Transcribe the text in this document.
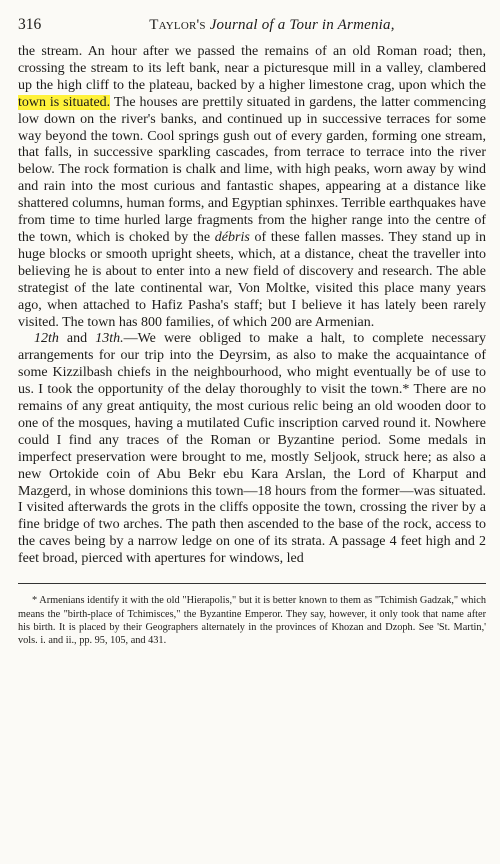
316	Taylor's Journal of a Tour in Armenia,

the stream. An hour after we passed the remains of an old Roman road; then, crossing the stream to its left bank, near a picturesque mill in a valley, clambered up the high cliff to the plateau, backed by a higher limestone crag, upon which the town is situated. The houses are prettily situated in gardens, the latter commencing low down on the river's banks, and continued up in successive terraces for some way beyond the town. Cool springs gush out of every garden, forming one stream, that falls, in successive sparkling cascades, from terrace to terrace into the river below. The rock formation is chalk and lime, with high peaks, worn away by wind and rain into the most curious and fantastic shapes, appearing at a distance like shattered columns, human forms, and Egyptian sphinxes. Terrible earthquakes have from time to time hurled large fragments from the higher range into the centre of the town, which is choked by the débris of these fallen masses. They stand up in huge blocks or smooth upright sheets, which, at a distance, cheat the traveller into believing he is about to enter into a new field of discovery and research. The able strategist of the late continental war, Von Moltke, visited this place many years ago, when attached to Hafiz Pasha's staff; but I believe it has lately been rarely visited. The town has 800 families, of which 200 are Armenian.

12th and 13th.—We were obliged to make a halt, to complete necessary arrangements for our trip into the Deyrsim, as also to make the acquaintance of some Kizzilbash chiefs in the neighbourhood, who might eventually be of use to us. I took the opportunity of the delay thoroughly to visit the town.* There are no remains of any great antiquity, the most curious relic being an old wooden door to one of the mosques, having a mutilated Cufic inscription carved round it. Nowhere could I find any traces of the Roman or Byzantine period. Some medals in imperfect preservation were brought to me, mostly Seljook, struck here; as also a new Ortokide coin of Abu Bekr ebu Kara Arslan, the Lord of Kharput and Mazgerd, in whose dominions this town—18 hours from the former—was situated. I visited afterwards the grots in the cliffs opposite the town, crossing the river by a fine bridge of two arches. The path then ascended to the base of the rock, access to the caves being by a narrow ledge on one of its strata. A passage 4 feet high and 2 feet broad, pierced with apertures for windows, led

* Armenians identify it with the old "Hierapolis," but it is better known to them as "Tchimish Gadzak," which means the "birth-place of Tchimisces," the Byzantine Emperor. They say, however, it only took that name after his birth. It is placed by their Geographers alternately in the provinces of Khozan and Dzoph. See 'St. Martin,' vols. i. and ii., pp. 95, 105, and 431.
